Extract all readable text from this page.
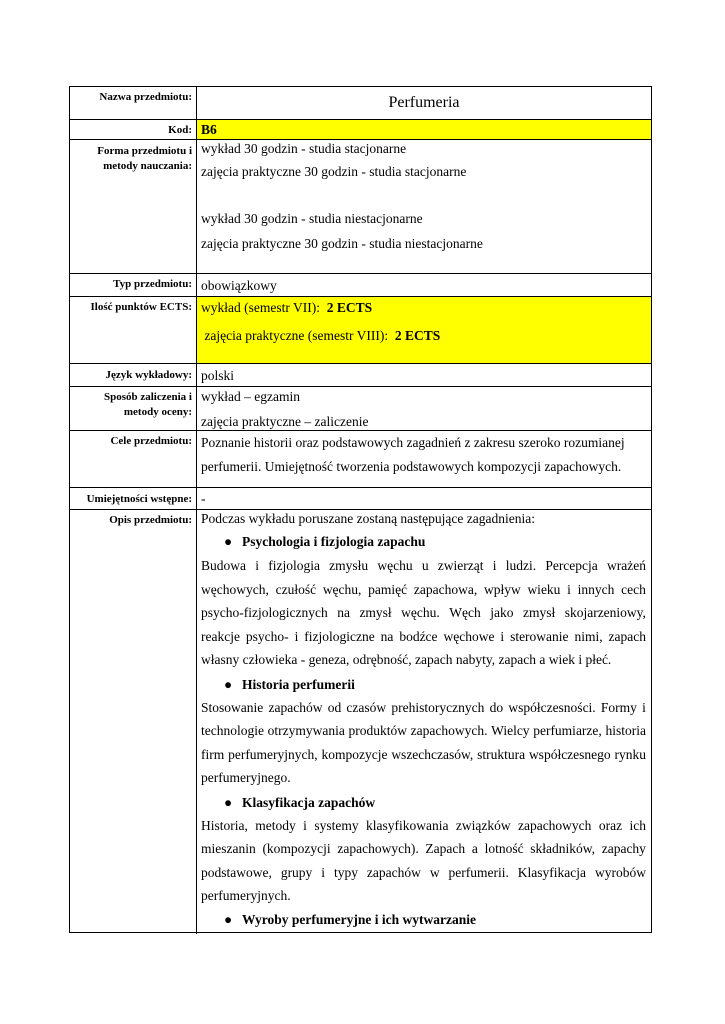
Nazwa przedmiotu:	Perfumeria
Kod: B6
Forma przedmiotu i
metody nauczania:
wykład 30 godzin - studia stacjonarne
zajęcia praktyczne 30 godzin - studia stacjonarne
wykład 30 godzin - studia niestacjonarne
zajęcia praktyczne 30 godzin - studia niestacjonarne
Typ przedmiotu: obowiązkowy
Ilość punktów ECTS: wykład (semestr VII):  2 ECTS
zajęcia praktyczne (semestr VIII):  2 ECTS
Język wykładowy: polski
Sposób zaliczenia i
metody oceny:
wykład – egzamin
zajęcia praktyczne – zaliczenie
Cele przedmiotu: Poznanie historii oraz podstawowych zagadnień z zakresu szeroko rozumianej
perfumerii. Umiejętność tworzenia podstawowych kompozycji zapachowych.
Umiejętności wstępne: -
Opis przedmiotu: Podczas wykładu poruszane zostaną następujące zagadnienia:
● Psychologia i fizjologia zapachu
Budowa i fizjologia zmysłu węchu u zwierząt i ludzi. Percepcja wrażeń
węchowych, czułość węchu, pamięć zapachowa, wpływ wieku i innych cech
psycho-fizjologicznych na zmysł węchu. Węch jako zmysł skojarzeniowy,
reakcje psycho- i fizjologiczne na bodźce węchowe i sterowanie nimi, zapach
własny człowieka - geneza, odrębność, zapach nabyty, zapach a wiek i płeć.
● Historia perfumerii
Stosowanie zapachów od czasów prehistorycznych do współczesności. Formy i
technologie otrzymywania produktów zapachowych. Wielcy perfumiarze, historia
firm perfumeryjnych, kompozycje wszechczasów, struktura współczesnego rynku
perfumeryjnego.
● Klasyfikacja zapachów
Historia, metody i systemy klasyfikowania związków zapachowych oraz ich
mieszanin (kompozycji zapachowych). Zapach a lotność składników, zapachy
podstawowe, grupy i typy zapachów w perfumerii. Klasyfikacja wyrobów
perfumeryjnych.
● Wyroby perfumeryjne i ich wytwarzanie
